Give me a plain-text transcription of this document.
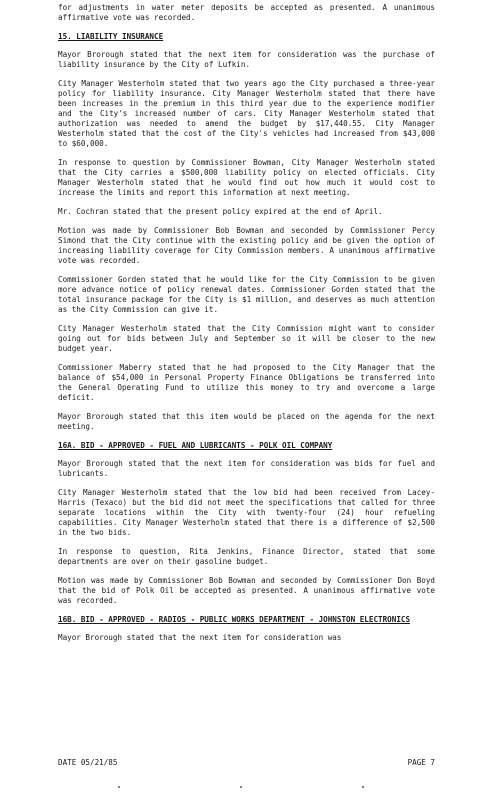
for adjustments in water meter deposits be accepted as presented. A unanimous affirmative vote was recorded.
15. LIABILITY INSURANCE
Mayor Brorough stated that the next item for consideration was the purchase of liability insurance by the City of Lufkin.
City Manager Westerholm stated that two years ago the City purchased a three-year policy for liability insurance. City Manager Westerholm stated that there have been increases in the premium in this third year due to the experience modifier and the City's increased number of cars. City Manager Westerholm stated that authorization was needed to amend the budget by $17,440.55. City Manager Westerholm stated that the cost of the City's vehicles had increased from $43,000 to $60,000.
In response to question by Commissioner Bowman, City Manager Westerholm stated that the City carries a $500,000 liability policy on elected officials. City Manager Westerholm stated that he would find out how much it would cost to increase the limits and report this information at next meeting.
Mr. Cochran stated that the present policy expired at the end of April.
Motion was made by Commissioner Bob Bowman and seconded by Commissioner Percy Simond that the City continue with the existing policy and be given the option of increasing liability coverage for City Commission members. A unanimous affirmative vote was recorded.
Commissioner Gorden stated that he would like for the City Commission to be given more advance notice of policy renewal dates. Commissioner Gorden stated that the total insurance package for the City is $1 million, and deserves as much attention as the City Commission can give it.
City Manager Westerholm stated that the City Commission might want to consider going out for bids between July and September so it will be closer to the new budget year.
Commissioner Maberry stated that he had proposed to the City Manager that the balance of $54,000 in Personal Property Finance Obligations be transferred into the General Operating Fund to utilize this money to try and overcome a large deficit.
Mayor Brorough stated that this item would be placed on the agenda for the next meeting.
16A. BID - APPROVED - FUEL AND LUBRICANTS - POLK OIL COMPANY
Mayor Brorough stated that the next item for consideration was bids for fuel and lubricants.
City Manager Westerholm stated that the low bid had been received from Lacey-Harris (Texaco) but the bid did not meet the specifications that called for three separate locations within the City with twenty-four (24) hour refueling capabilities. City Manager Westerholm stated that there is a difference of $2,500 in the two bids.
In response to question, Rita Jenkins, Finance Director, stated that some departments are over on their gasoline budget.
Motion was made by Commissioner Bob Bowman and seconded by Commissioner Don Boyd that the bid of Polk Oil be accepted as presented. A unanimous affirmative vote was recorded.
16B. BID - APPROVED - RADIOS - PUBLIC WORKS DEPARTMENT - JOHNSTON ELECTRONICS
Mayor Brorough stated that the next item for consideration was
DATE 05/21/85	PAGE 7
